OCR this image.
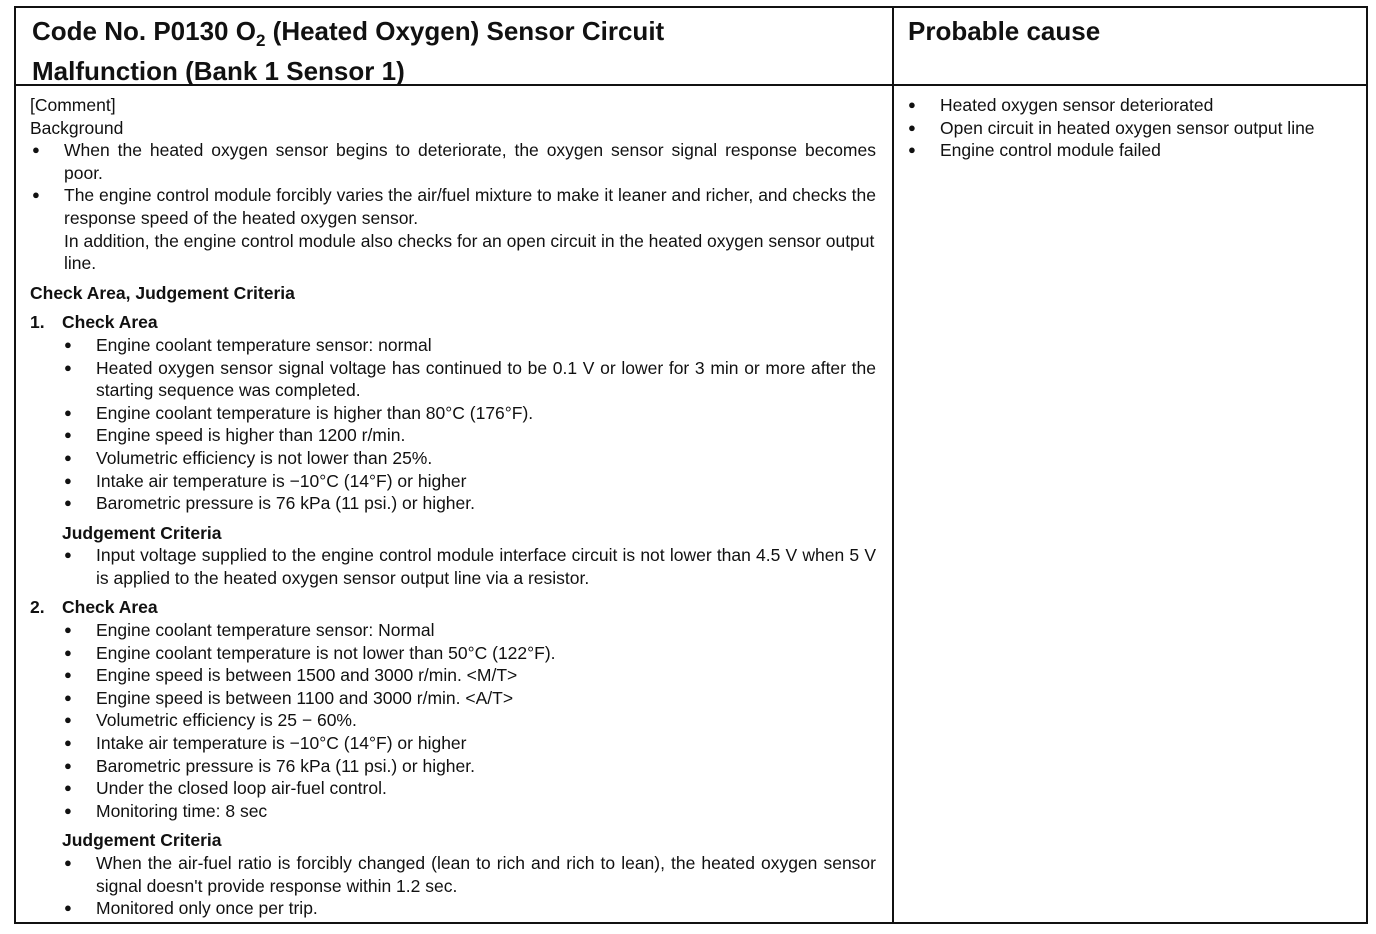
Code No. P0130 $O_2$ (Heated Oxygen) Sensor Circuit
Malfunction (Bank 1 Sensor 1)
Probable cause
[Comment]
Background
● When the heated oxygen sensor begins to deteriorate, the oxygen sensor signal response becomes poor.
● The engine control module forcibly varies the air/fuel mixture to make it leaner and richer, and checks the response speed of the heated oxygen sensor.
In addition, the engine control module also checks for an open circuit in the heated oxygen sensor output line.
Check Area, Judgement Criteria
1. Check Area
● Engine coolant temperature sensor: normal
● Heated oxygen sensor signal voltage has continued to be 0.1 V or lower for 3 min or more after the starting sequence was completed.
● Engine coolant temperature is higher than 80°C (176°F).
● Engine speed is higher than 1200 r/min.
● Volumetric efficiency is not lower than 25%.
● Intake air temperature is −10°C (14°F) or higher
● Barometric pressure is 76 kPa (11 psi.) or higher.
Judgement Criteria
● Input voltage supplied to the engine control module interface circuit is not lower than 4.5 V when 5 V is applied to the heated oxygen sensor output line via a resistor.
2. Check Area
● Engine coolant temperature sensor: Normal
● Engine coolant temperature is not lower than 50°C (122°F).
● Engine speed is between 1500 and 3000 r/min. <M/T>
● Engine speed is between 1100 and 3000 r/min. <A/T>
● Volumetric efficiency is 25 − 60%.
● Intake air temperature is −10°C (14°F) or higher
● Barometric pressure is 76 kPa (11 psi.) or higher.
● Under the closed loop air-fuel control.
● Monitoring time: 8 sec
Judgement Criteria
● When the air-fuel ratio is forcibly changed (lean to rich and rich to lean), the heated oxygen sensor signal doesn't provide response within 1.2 sec.
● Monitored only once per trip.
● Heated oxygen sensor deteriorated
● Open circuit in heated oxygen sensor output line
● Engine control module failed
